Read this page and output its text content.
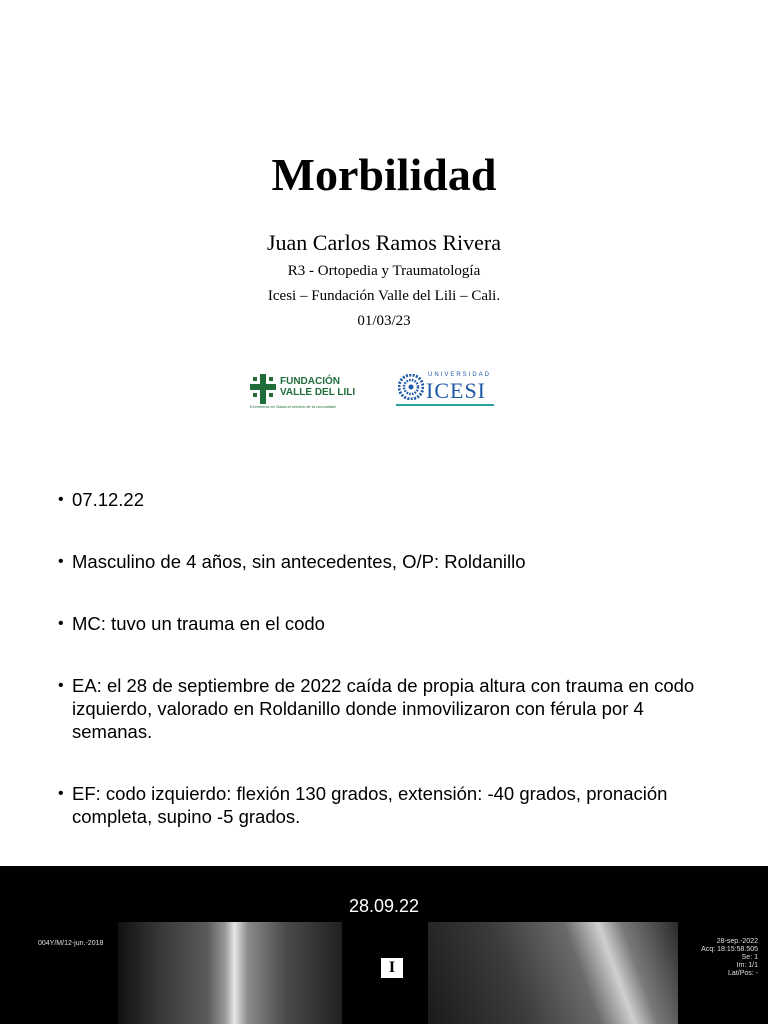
Morbilidad
Juan Carlos Ramos Rivera
R3 - Ortopedia y Traumatología
Icesi – Fundación Valle del Lili – Cali.
01/03/23
FUNDACIÓN
VALLE DEL LILI
Excelencia en Salud al servicio de la comunidad
UNIVERSIDAD
ICESI
• 07.12.22
• Masculino de 4 años, sin antecedentes, O/P: Roldanillo
• MC: tuvo un trauma en el codo
• EA: el 28 de septiembre de 2022 caída de propia altura con trauma en codo izquierdo, valorado en Roldanillo donde inmovilizaron con férula por 4 semanas.
• EF: codo izquierdo: flexión 130 grados, extensión: -40 grados, pronación completa, supino -5 grados.
28.09.22
004Y/M/12-jun.-2018	28-sep.-2022
Acq: 18:15:58.505
Se: 1
Im: 1/1
Lat/Pos: -
I
